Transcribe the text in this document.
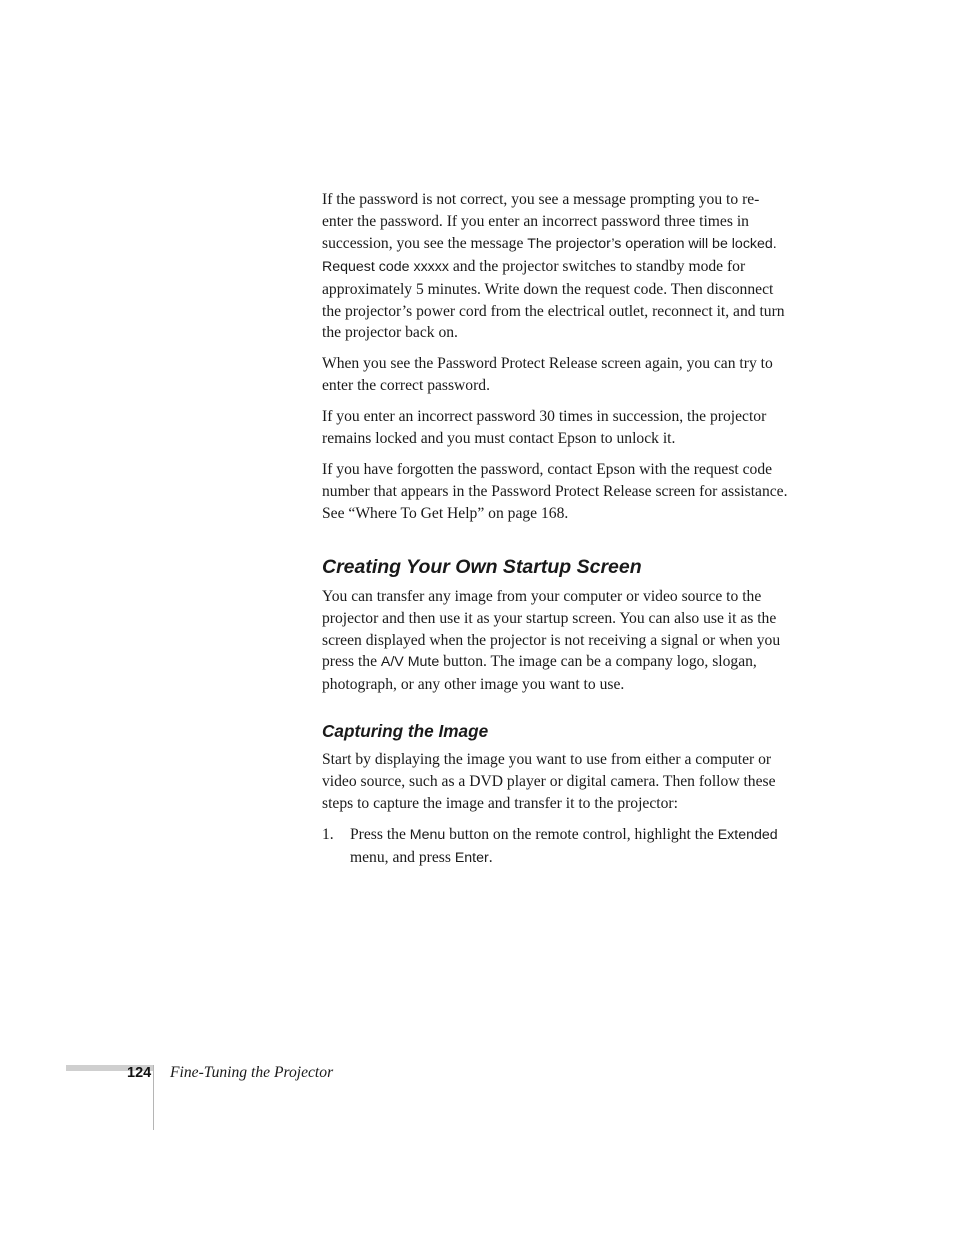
If the password is not correct, you see a message prompting you to re-enter the password. If you enter an incorrect password three times in succession, you see the message The projector’s operation will be locked. Request code xxxxx and the projector switches to standby mode for approximately 5 minutes. Write down the request code. Then disconnect the projector’s power cord from the electrical outlet, reconnect it, and turn the projector back on.

When you see the Password Protect Release screen again, you can try to enter the correct password.

If you enter an incorrect password 30 times in succession, the projector remains locked and you must contact Epson to unlock it.

If you have forgotten the password, contact Epson with the request code number that appears in the Password Protect Release screen for assistance. See “Where To Get Help” on page 168.

Creating Your Own Startup Screen

You can transfer any image from your computer or video source to the projector and then use it as your startup screen. You can also use it as the screen displayed when the projector is not receiving a signal or when you press the A/V Mute button. The image can be a company logo, slogan, photograph, or any other image you want to use.

Capturing the Image

Start by displaying the image you want to use from either a computer or video source, such as a DVD player or digital camera. Then follow these steps to capture the image and transfer it to the projector:

1. Press the Menu button on the remote control, highlight the Extended menu, and press Enter.
124 Fine-Tuning the Projector
